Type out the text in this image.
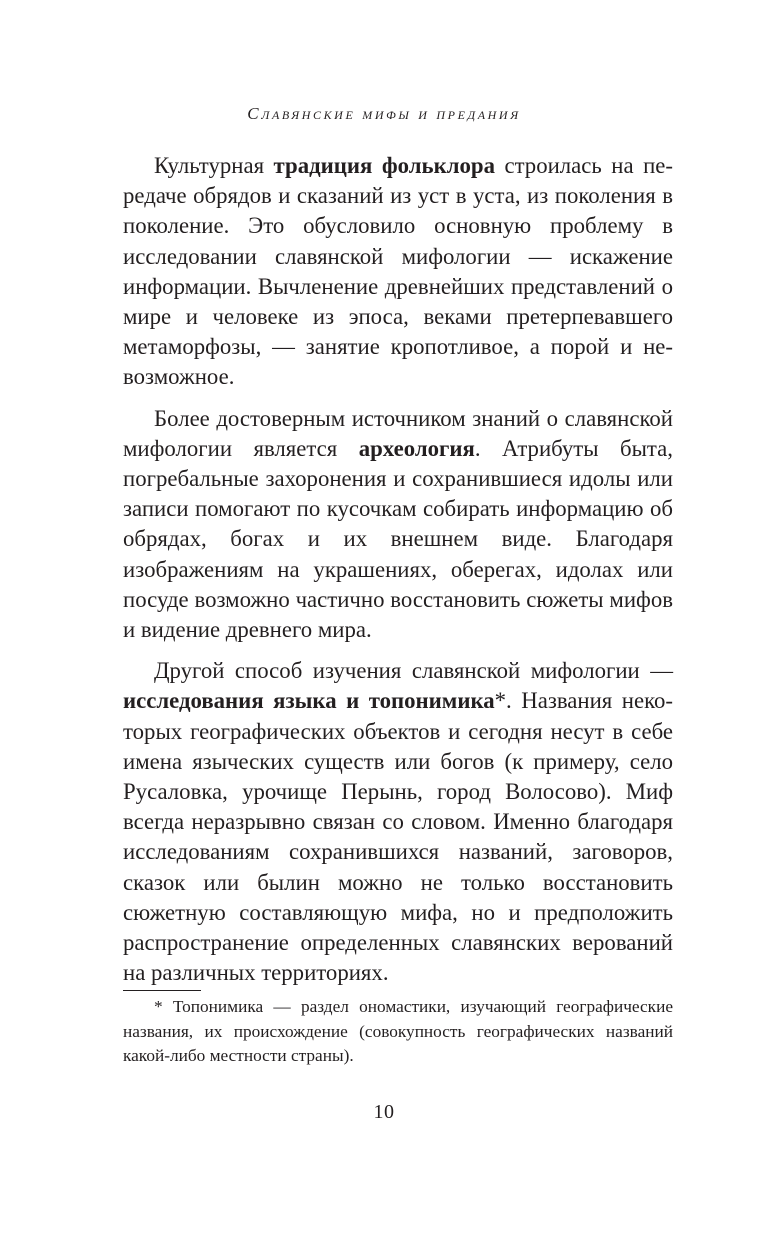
Славянские мифы и предания

Культурная традиция фольклора строилась на передаче обрядов и сказаний из уст в уста, из поколения в поколение. Это обусловило основную проблему в исследовании славянской мифологии — искажение информации. Вычленение древнейших представлений о мире и человеке из эпоса, веками претерпевавшего метаморфозы, — занятие кропотливое, а порой и невозможное.

Более достоверным источником знаний о славянской мифологии является археология. Атрибуты быта, погребальные захоронения и сохранившиеся идолы или записи помогают по кусочкам собирать информацию об обрядах, богах и их внешнем виде. Благодаря изображениям на украшениях, оберегах, идолах или посуде возможно частично восстановить сюжеты мифов и видение древнего мира.

Другой способ изучения славянской мифологии — исследования языка и топонимика*. Названия некоторых географических объектов и сегодня несут в себе имена языческих существ или богов (к примеру, село Русаловка, урочище Перынь, город Волосово). Миф всегда неразрывно связан со словом. Именно благодаря исследованиям сохранившихся названий, заговоров, сказок или былин можно не только восстановить сюжетную составляющую мифа, но и предположить распространение определенных славянских верований на различных территориях.

* Топонимика — раздел ономастики, изучающий географические названия, их происхождение (совокупность географических названий какой-либо местности страны).

10
